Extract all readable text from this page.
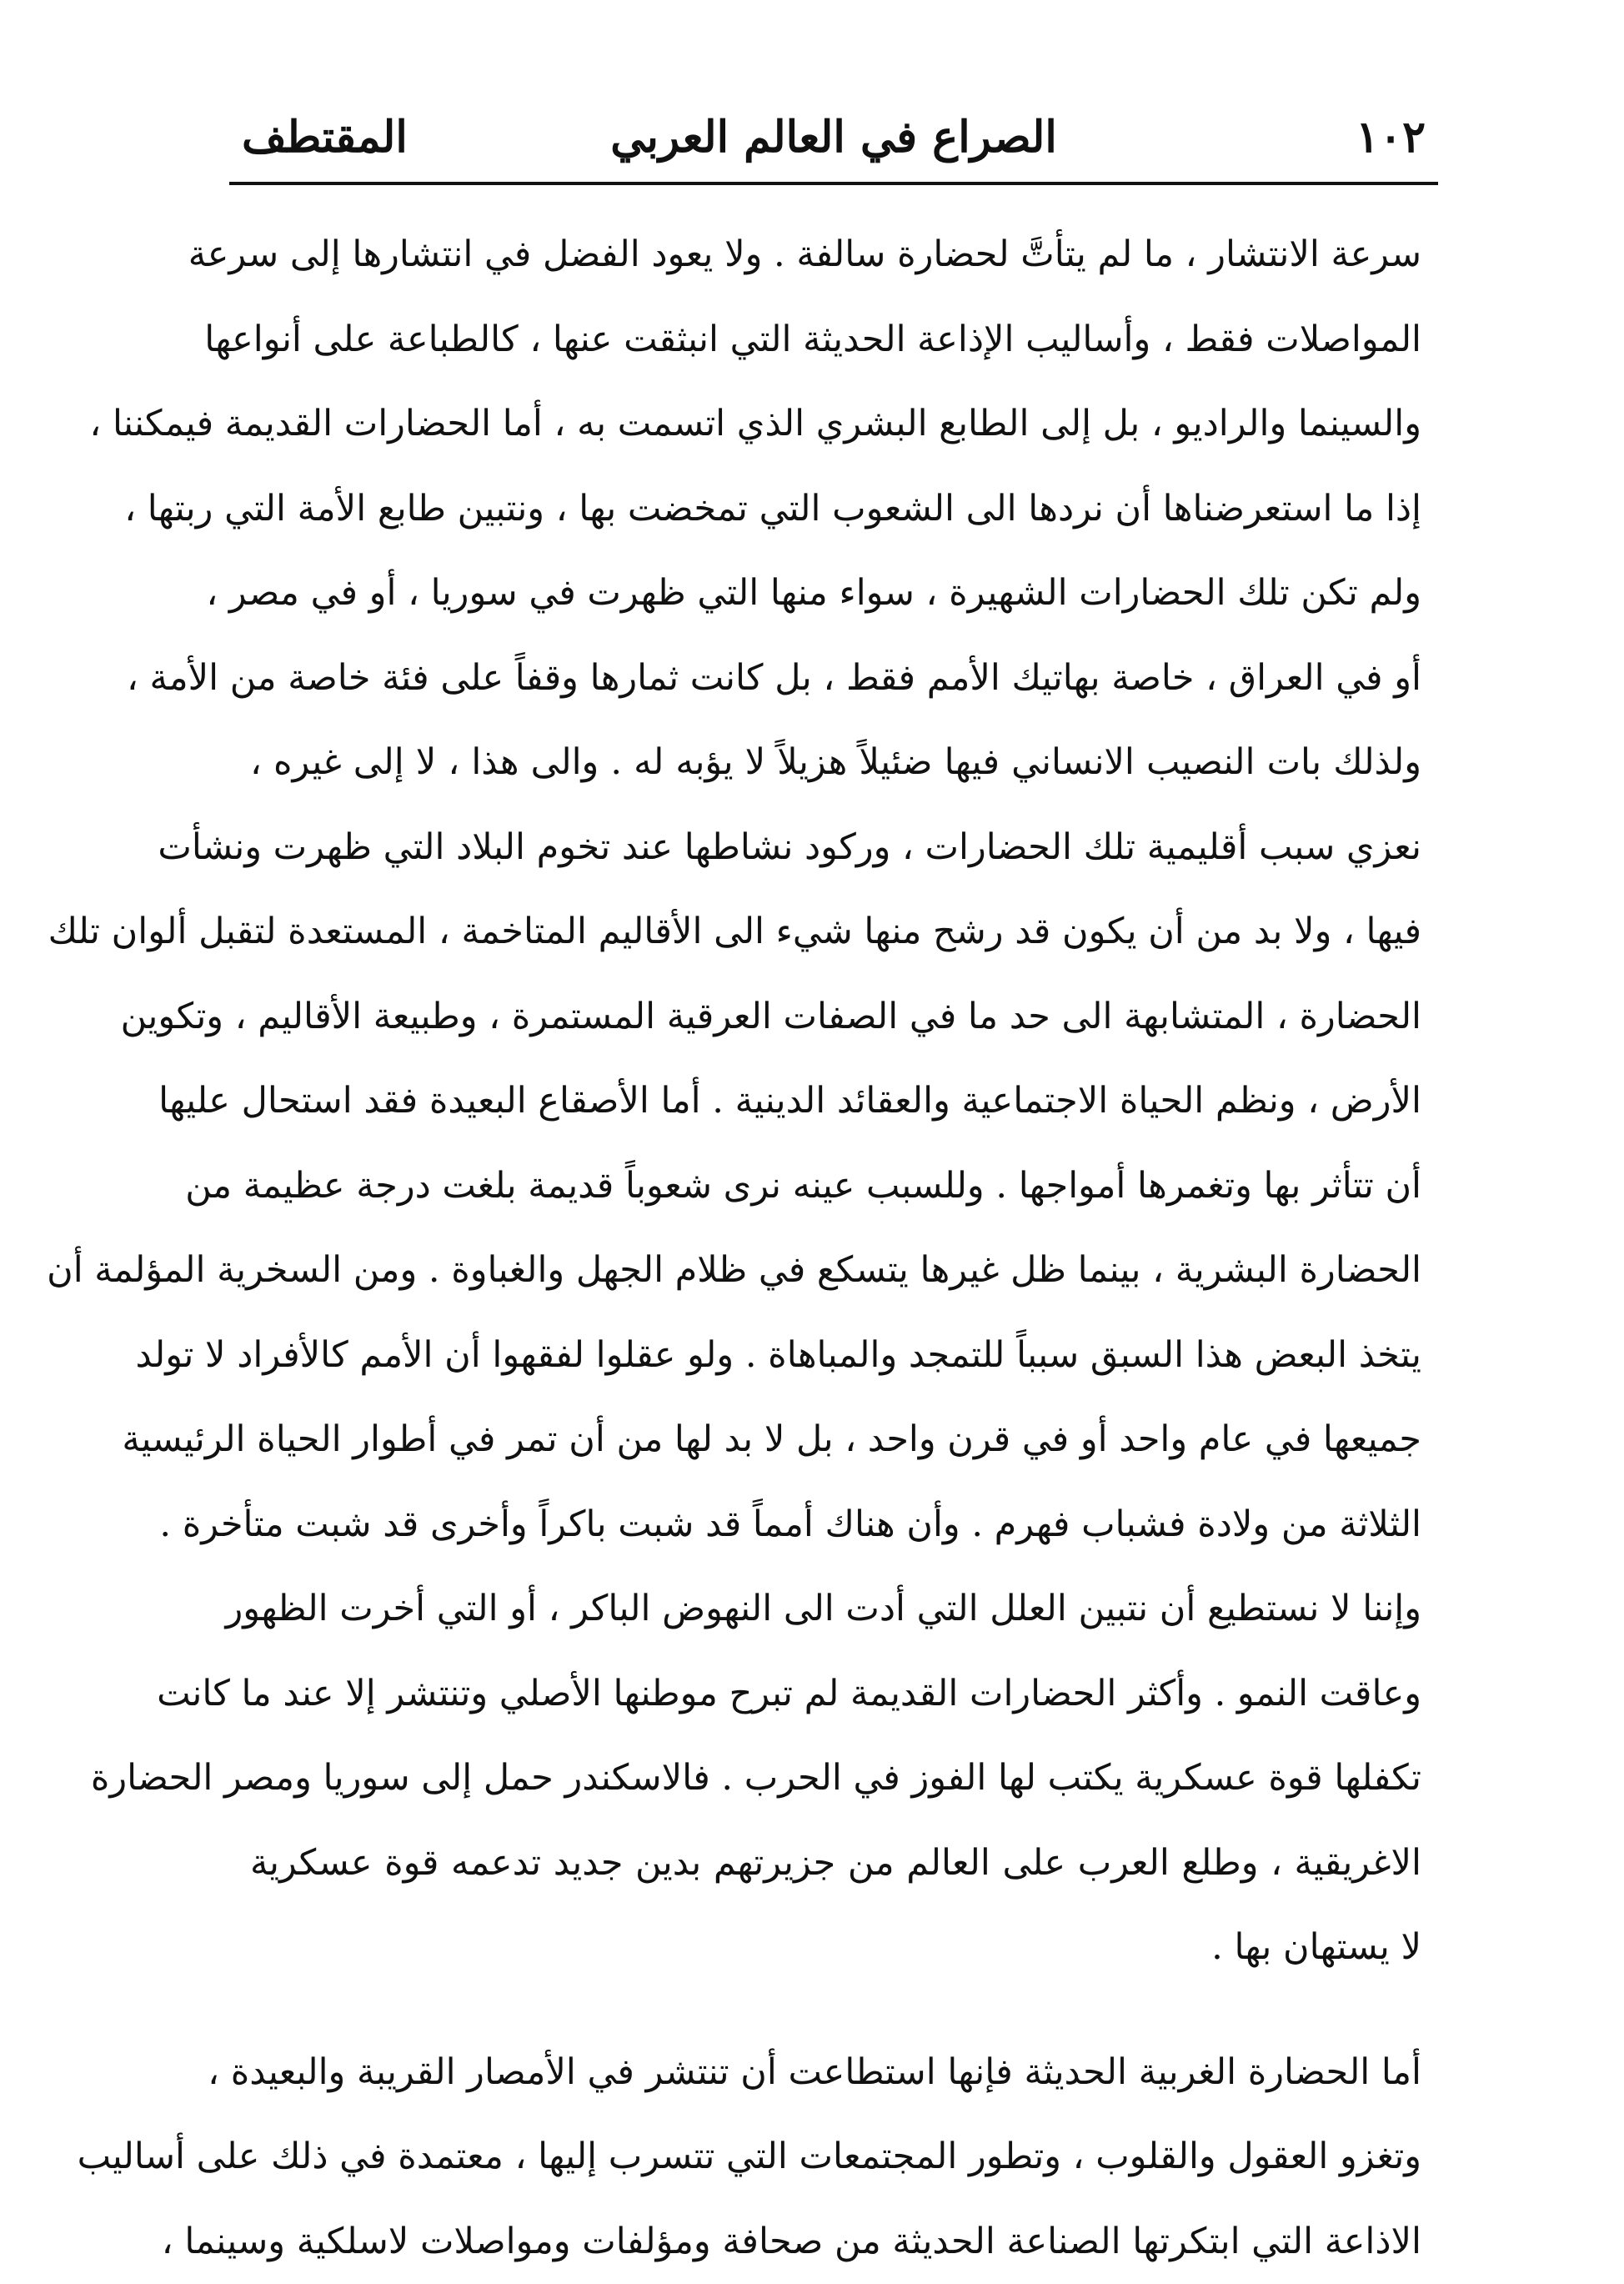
١٠٢
الصراع في العالم العربي
المقتطف
سرعة الانتشار ، ما لم يتأتَّ لحضارة سالفة . ولا يعود الفضل في انتشارها إلى سرعة
المواصلات فقط ، وأساليب الإذاعة الحديثة التي انبثقت عنها ، كالطباعة على أنواعها
والسينما والراديو ، بل إلى الطابع البشري الذي اتسمت به ، أما الحضارات القديمة فيمكننا ،
إذا ما استعرضناها أن نردها الى الشعوب التي تمخضت بها ، ونتبين طابع الأمة التي ربتها ،
ولم تكن تلك الحضارات الشهيرة ، سواء منها التي ظهرت في سوريا ، أو في مصر ،
أو في العراق ، خاصة بهاتيك الأمم فقط ، بل كانت ثمارها وقفاً على فئة خاصة من الأمة ،
ولذلك بات النصيب الانساني فيها ضئيلاً هزيلاً لا يؤبه له . والى هذا ، لا إلى غيره ،
نعزي سبب أقليمية تلك الحضارات ، وركود نشاطها عند تخوم البلاد التي ظهرت ونشأت
فيها ، ولا بد من أن يكون قد رشح منها شيء الى الأقاليم المتاخمة ، المستعدة لتقبل ألوان تلك
الحضارة ، المتشابهة الى حد ما في الصفات العرقية المستمرة ، وطبيعة الأقاليم ، وتكوين
الأرض ، ونظم الحياة الاجتماعية والعقائد الدينية . أما الأصقاع البعيدة فقد استحال عليها
أن تتأثر بها وتغمرها أمواجها . وللسبب عينه نرى شعوباً قديمة بلغت درجة عظيمة من
الحضارة البشرية ، بينما ظل غيرها يتسكع في ظلام الجهل والغباوة . ومن السخرية المؤلمة أن
يتخذ البعض هذا السبق سبباً للتمجد والمباهاة . ولو عقلوا لفقهوا أن الأمم كالأفراد لا تولد
جميعها في عام واحد أو في قرن واحد ، بل لا بد لها من أن تمر في أطوار الحياة الرئيسية
الثلاثة من ولادة فشباب فهرم . وأن هناك أمماً قد شبت باكراً وأخرى قد شبت متأخرة .
وإننا لا نستطيع أن نتبين العلل التي أدت الى النهوض الباكر ، أو التي أخرت الظهور
وعاقت النمو . وأكثر الحضارات القديمة لم تبرح موطنها الأصلي وتنتشر إلا عند ما كانت
تكفلها قوة عسكرية يكتب لها الفوز في الحرب . فالاسكندر حمل إلى سوريا ومصر الحضارة
الاغريقية ، وطلع العرب على العالم من جزيرتهم بدين جديد تدعمه قوة عسكرية
لا يستهان بها .
أما الحضارة الغربية الحديثة فإنها استطاعت أن تنتشر في الأمصار القريبة والبعيدة ،
وتغزو العقول والقلوب ، وتطور المجتمعات التي تتسرب إليها ، معتمدة في ذلك على أساليب
الاذاعة التي ابتكرتها الصناعة الحديثة من صحافة ومؤلفات ومواصلات لاسلكية وسينما ،
